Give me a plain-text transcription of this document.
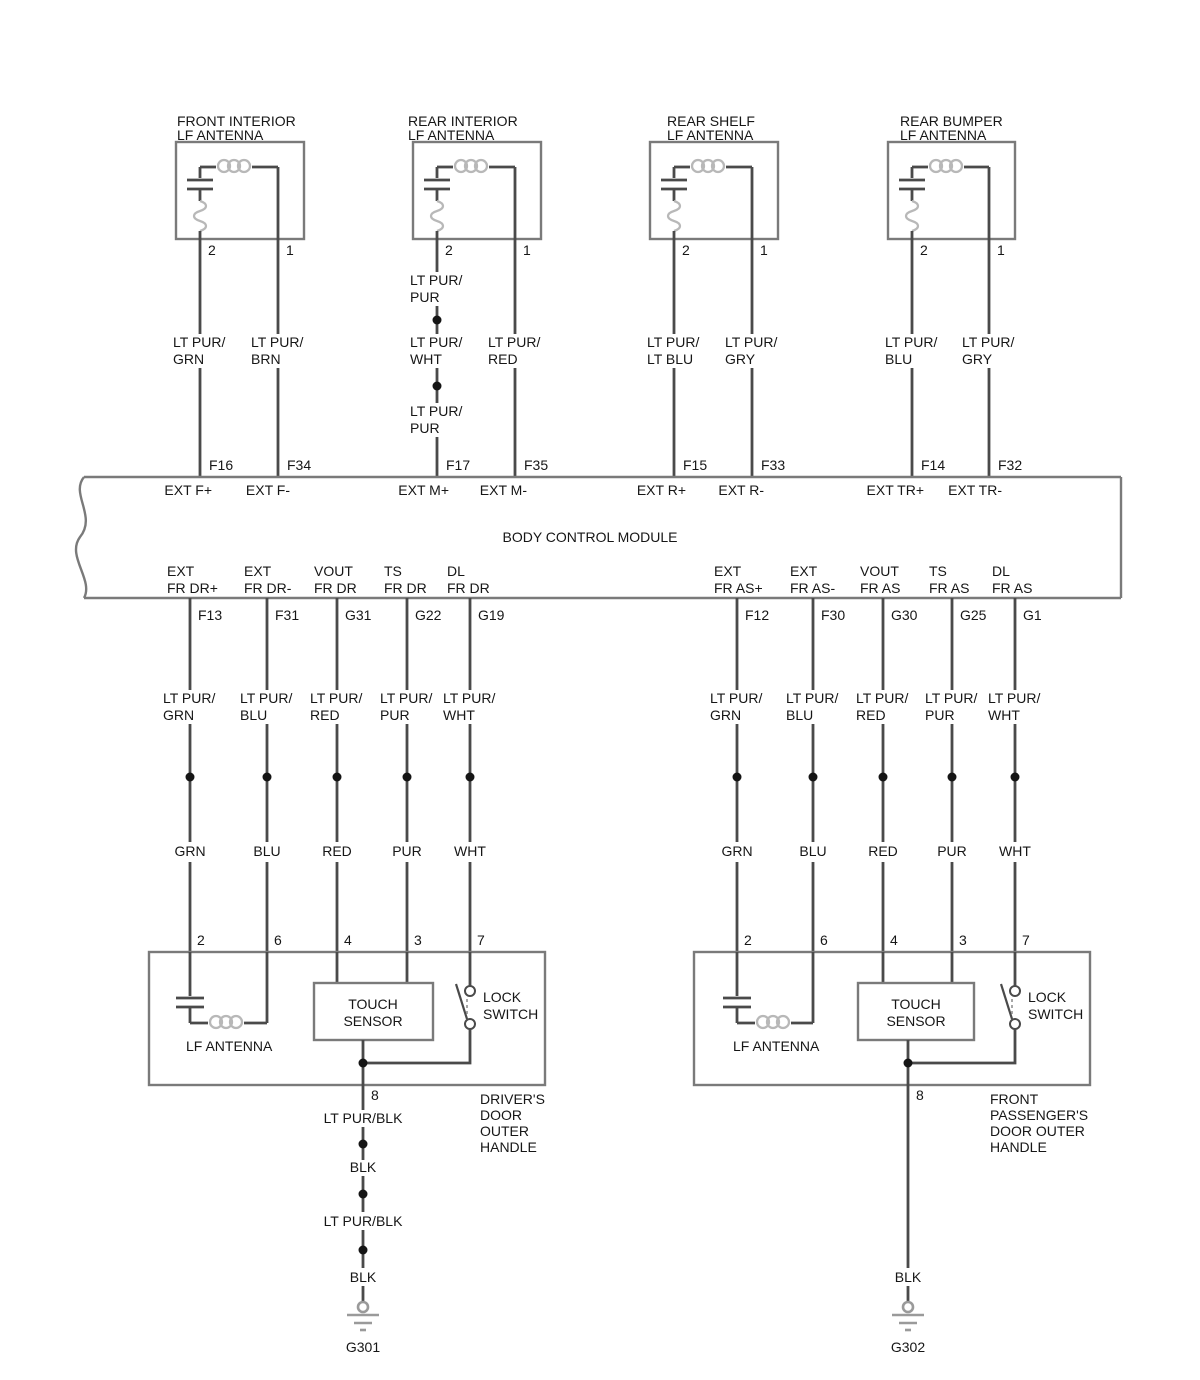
FRONT INTERIOR
LF ANTENNA
2	1
LT PUR/
GRN
LT PUR/
BRN
F16	F34
EXT F+ EXT F-
REAR INTERIOR
LF ANTENNA
2	1
LT PUR/
PUR
LT PUR/
WHT
LT PUR/
PUR
LT PUR/
RED
F17	F35
EXT M+ EXT M-
REAR SHELF
LF ANTENNA
2	1
LT PUR/
LT BLU
LT PUR/
GRY
F15	F33
EXT R+ EXT R-
REAR BUMPER
LF ANTENNA
2	1
LT PUR/
BLU
LT PUR/
GRY
F14	F32
EXT TR+ EXT TR-
BODY CONTROL MODULE
EXT
FR DR+
F13
LT PUR/
GRN
GRN
2
EXT
FR DR-
F31
LT PUR/
BLU
BLU
6
VOUT
FR DR
G31
LT PUR/
RED
RED
4
TS
FR DR
G22
LT PUR/
PUR
PUR
3
DL
FR DR
G19
LT PUR/
WHT
WHT
7
EXT
FR AS+
F12
LT PUR/
GRN
GRN
2
EXT
FR AS-
F30
LT PUR/
BLU
BLU
6
VOUT
FR AS
G30
LT PUR/
RED
RED
4
TS
FR AS
G25
LT PUR/
PUR
PUR
3
DL
FR AS
G1
LT PUR/
WHT
WHT
7
LF ANTENNA
TOUCH
SENSOR
LOCK
SWITCH
8	DRIVER'S
DOOR
OUTER
HANDLE
LT PUR/BLK
BLK
LT PUR/BLK
BLK
G301
LF ANTENNA
TOUCH
SENSOR
LOCK
SWITCH
8	FRONT
PASSENGER'S
DOOR OUTER
HANDLE
BLK
G302
